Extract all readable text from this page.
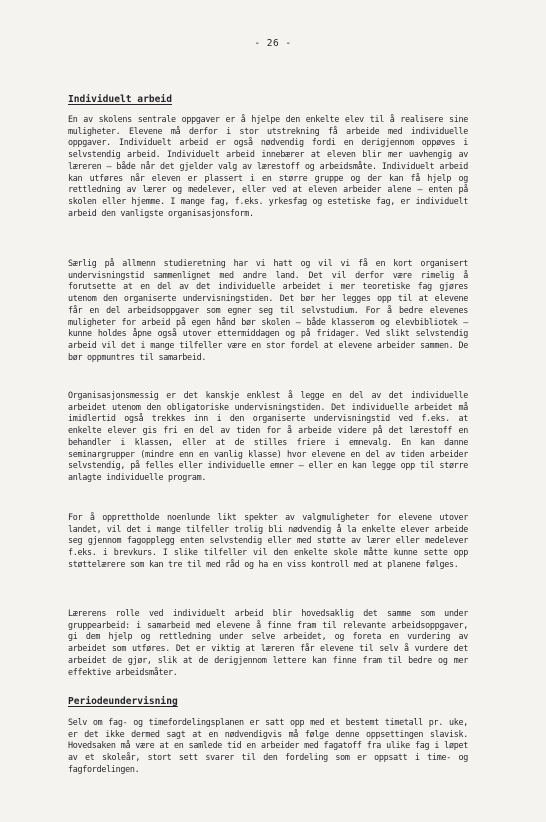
- 26 -
Individuelt arbeid

En av skolens sentrale oppgaver er å hjelpe den enkelte elev til å realisere sine muligheter. Elevene må derfor i stor utstrekning få arbeide med individuelle oppgaver. Individuelt arbeid er også nødvendig fordi en derigjennom oppøves i selvstendig arbeid. Individuelt arbeid innebærer at eleven blir mer uavhengig av læreren – både når det gjelder valg av lærestoff og arbeidsmåte. Individuelt arbeid kan utføres når eleven er plassert i en større gruppe og der kan få hjelp og rettledning av lærer og medelever, eller ved at eleven arbeider alene – enten på skolen eller hjemme. I mange fag, f.eks. yrkesfag og estetiske fag, er individuelt arbeid den vanligste organisasjonsform.

Særlig på allmenn studieretning har vi hatt og vil vi få en kort organisert undervisningstid sammenlignet med andre land. Det vil derfor være rimelig å forutsette at en del av det individuelle arbeidet i mer teoretiske fag gjøres utenom den organiserte undervisningstiden. Det bør her legges opp til at elevene får en del arbeidsoppgaver som egner seg til selvstudium. For å bedre elevenes muligheter for arbeid på egen hånd bør skolen – både klasserom og elevbibliotek – kunne holdes åpne også utover ettermiddagen og på fridager. Ved slikt selvstendig arbeid vil det i mange tilfeller være en stor fordel at elevene arbeider sammen. De bør oppmuntres til samarbeid.

Organisasjonsmessig er det kanskje enklest å legge en del av det individuelle arbeidet utenom den obligatoriske undervisningstiden. Det individuelle arbeidet må imidlertid også trekkes inn i den organiserte undervisningstid ved f.eks. at enkelte elever gis fri en del av tiden for å arbeide videre på det lærestoff en behandler i klassen, eller at de stilles friere i emnevalg. En kan danne seminargrupper (mindre enn en vanlig klasse) hvor elevene en del av tiden arbeider selvstendig, på felles eller individuelle emner – eller en kan legge opp til større anlagte individuelle program.

For å opprettholde noenlunde likt spekter av valgmuligheter for elevene utover landet, vil det i mange tilfeller trolig bli nødvendig å la enkelte elever arbeide seg gjennom fagopplegg enten selvstendig eller med støtte av lærer eller medelever f.eks. i brevkurs. I slike tilfeller vil den enkelte skole måtte kunne sette opp støttelærere som kan tre til med råd og ha en viss kontroll med at planene følges.

Lærerens rolle ved individuelt arbeid blir hovedsaklig det samme som under gruppearbeid: i samarbeid med elevene å finne fram til relevante arbeidsoppgaver, gi dem hjelp og rettledning under selve arbeidet, og foreta en vurdering av arbeidet som utføres. Det er viktig at læreren får elevene til selv å vurdere det arbeidet de gjør, slik at de derigjennom lettere kan finne fram til bedre og mer effektive arbeidsmåter.

Periodeundervisning

Selv om fag- og timefordelingsplanen er satt opp med et bestemt timetall pr. uke, er det ikke dermed sagt at en nødvendigvis må følge denne oppsettingen slavisk. Hovedsaken må være at en samlede tid en arbeider med fagatoff fra ulike fag i løpet av et skoleår, stort sett svarer til den fordeling som er oppsatt i time- og fagfordelingen.
